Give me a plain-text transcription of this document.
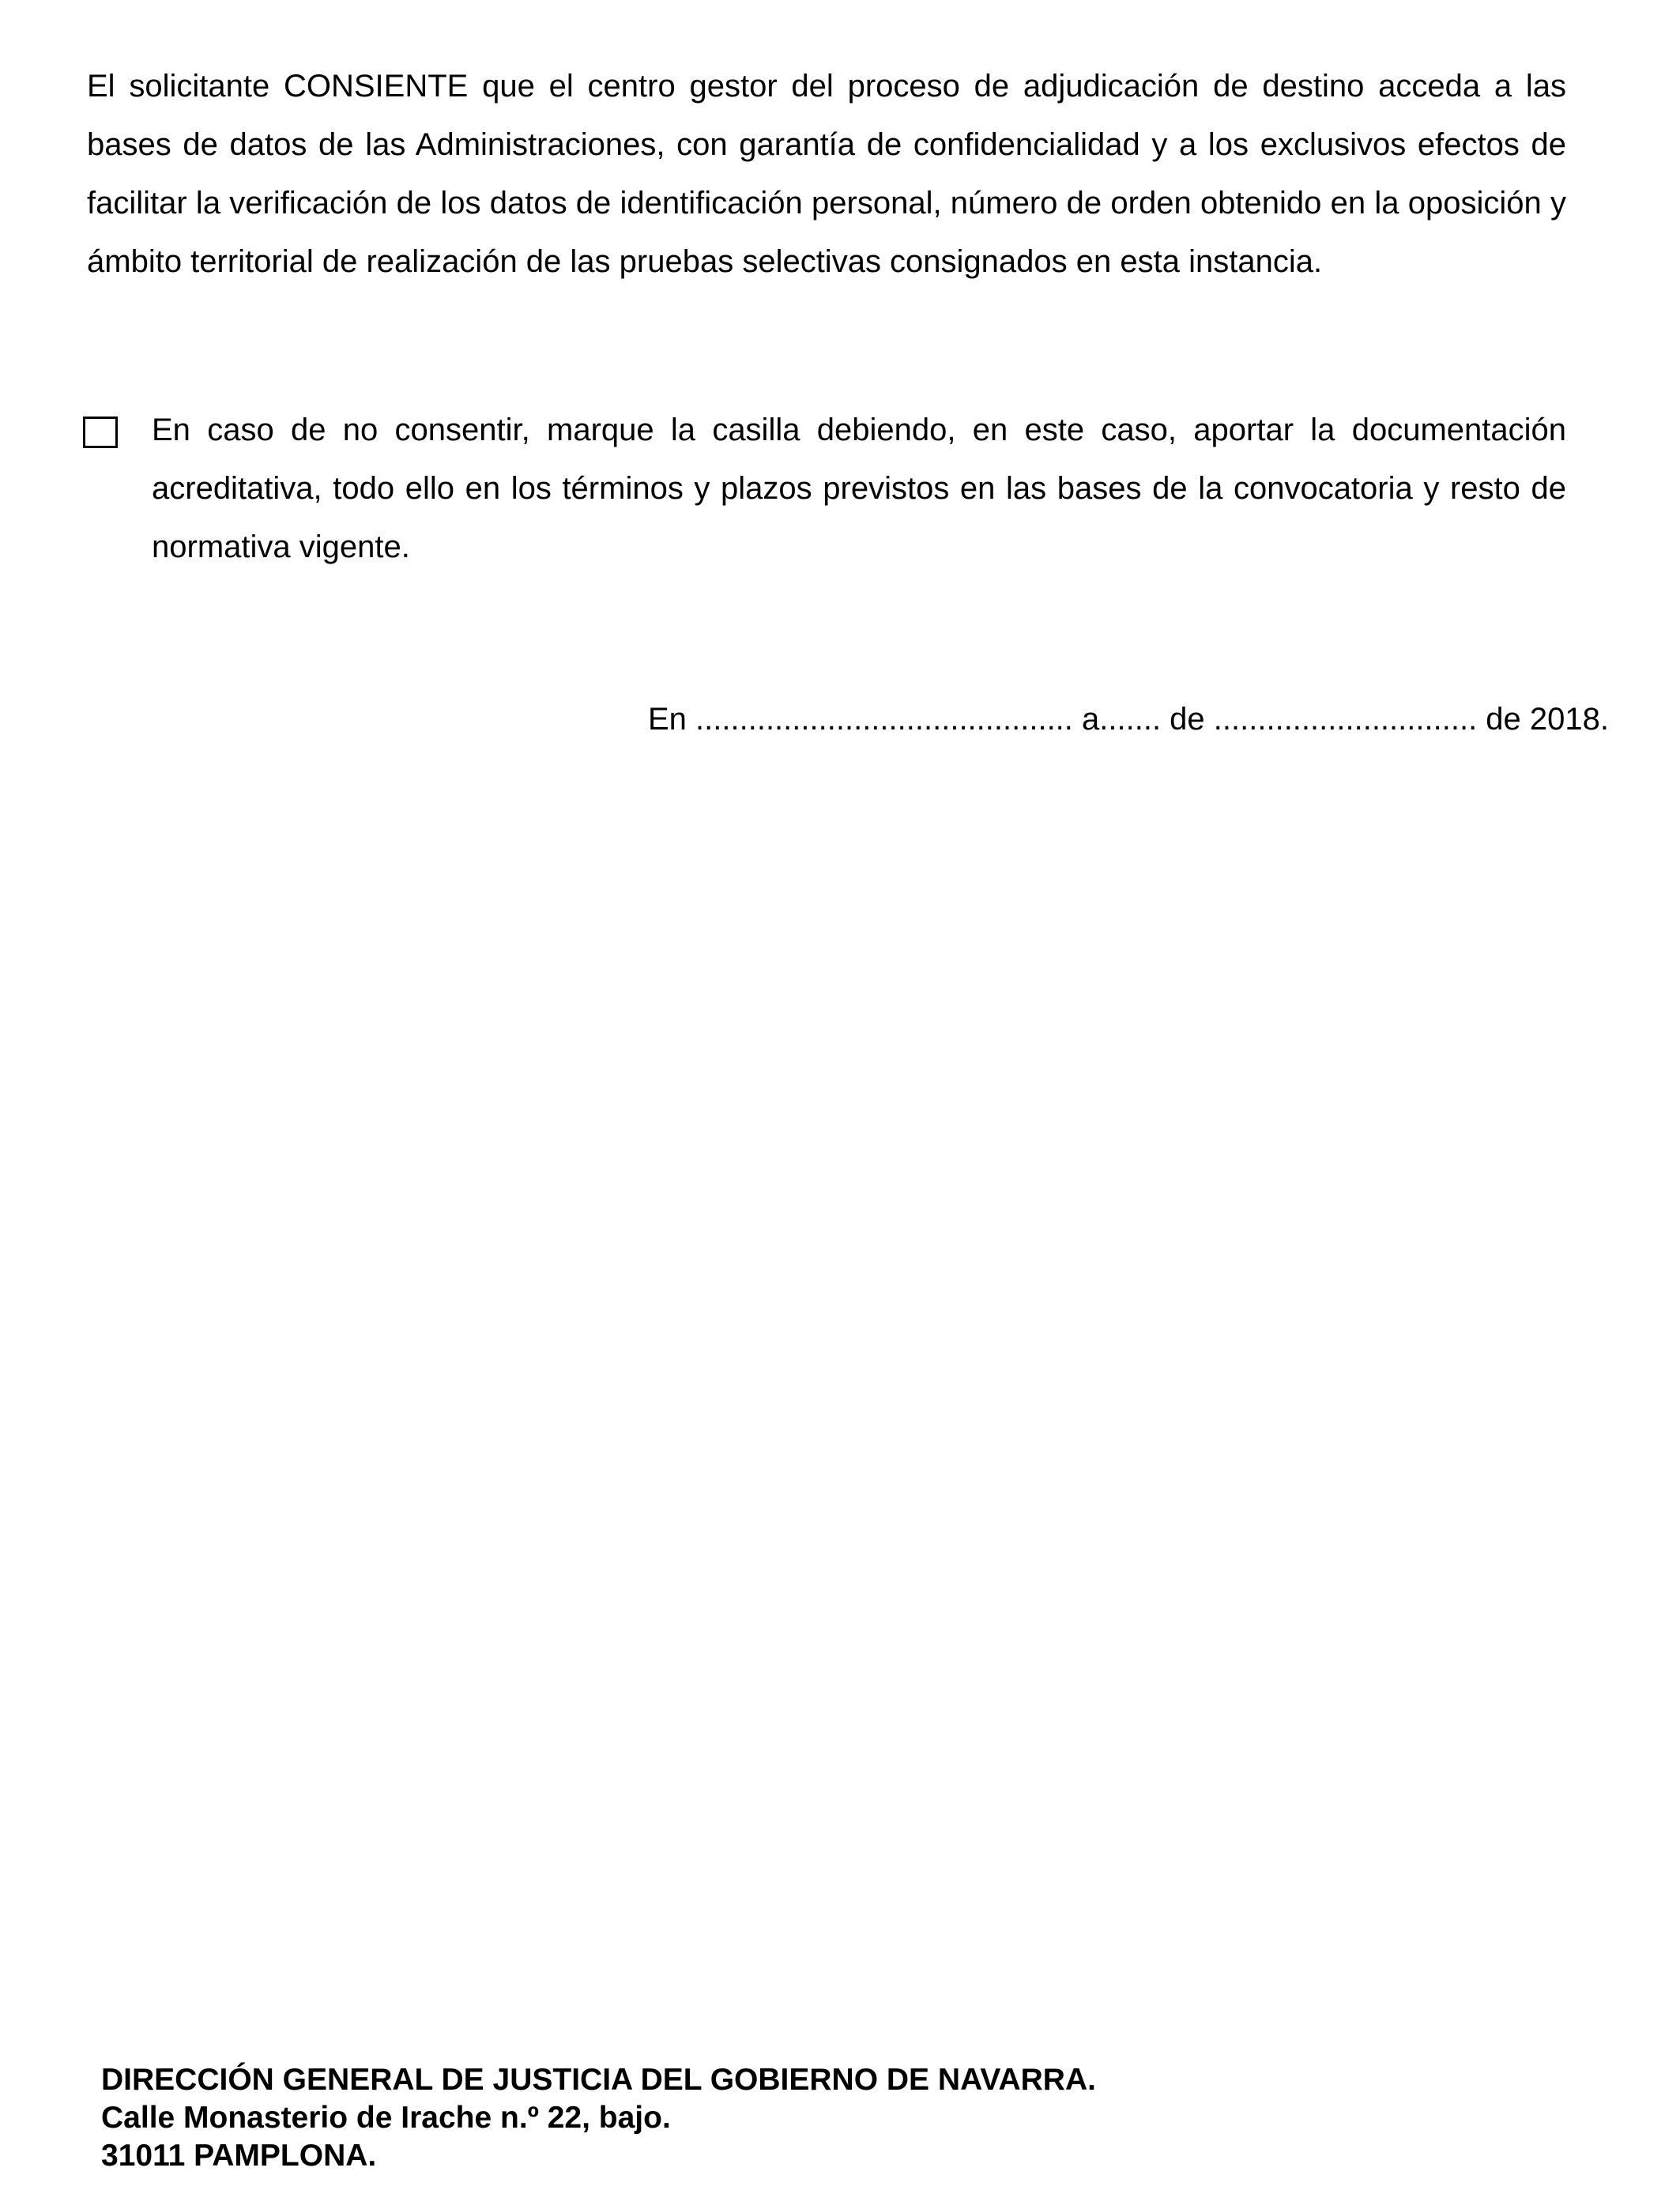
El solicitante CONSIENTE que el centro gestor del proceso de adjudicación de destino acceda a las bases de datos de las Administraciones, con garantía de confidencialidad y a los exclusivos efectos de facilitar la verificación de los datos de identificación personal, número de orden obtenido en la oposición y ámbito territorial de realización de las pruebas selectivas consignados en esta instancia.

En caso de no consentir, marque la casilla debiendo, en este caso, aportar la documentación acreditativa, todo ello en los términos y plazos previstos en las bases de la convocatoria y resto de normativa vigente.

En ........................................... a....... de .............................. de 2018.

DIRECCIÓN GENERAL DE JUSTICIA DEL GOBIERNO DE NAVARRA.
Calle Monasterio de Irache n.º 22, bajo.
31011 PAMPLONA.
